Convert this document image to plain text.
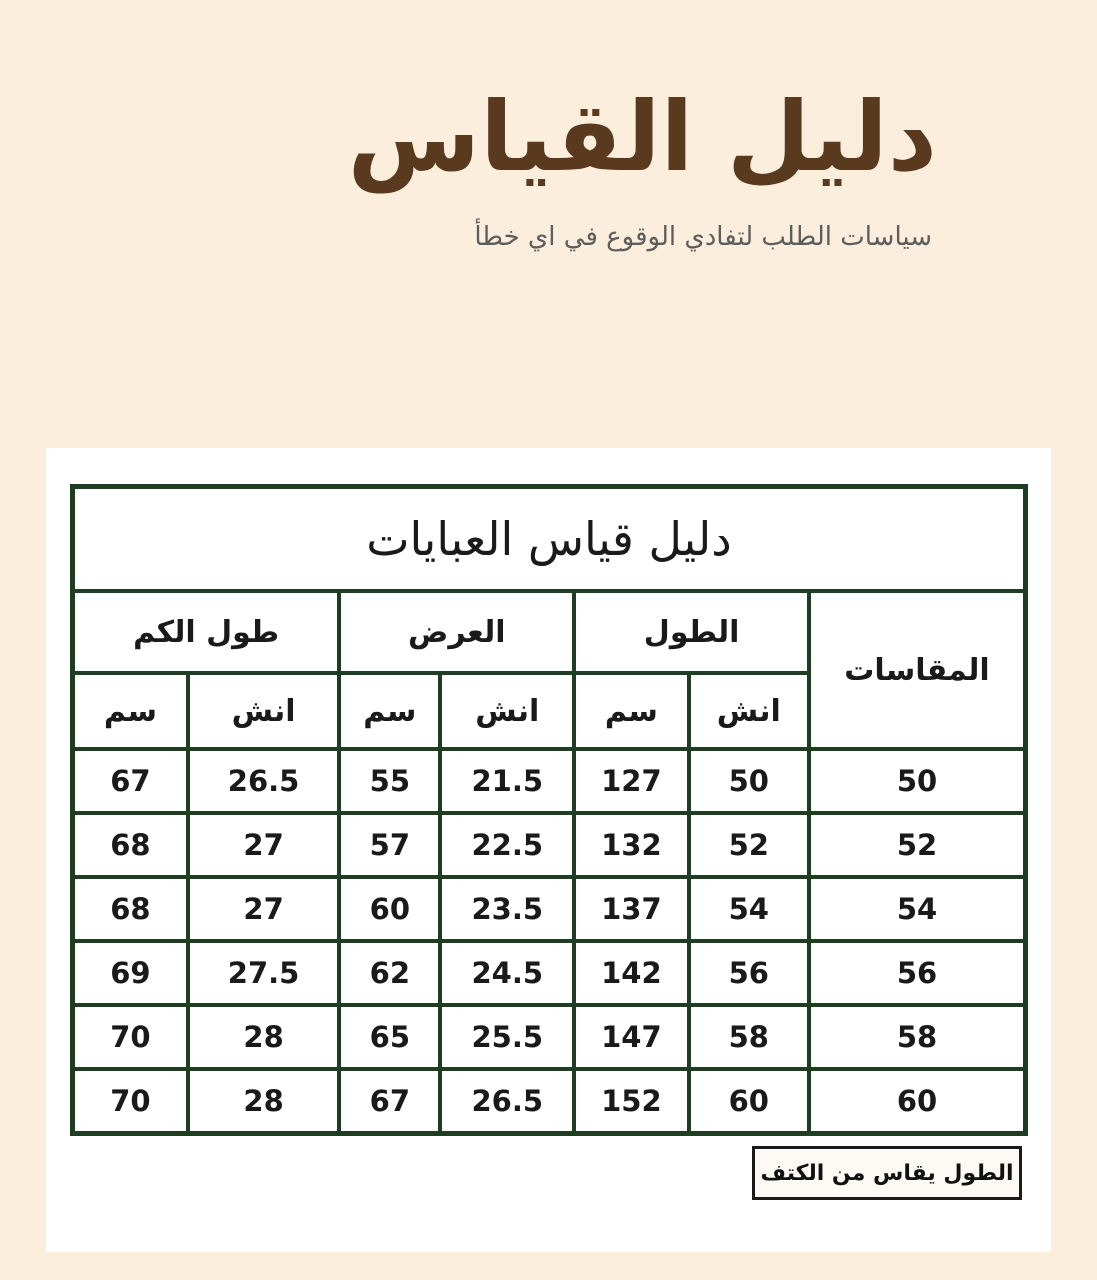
دليل القياس
سياسات الطلب لتفادي الوقوع في اي خطأ
دليل قياس العبايات						
المقاسات	الطول		العرض		طول الكم	
	انش	سم	انش	سم	انش	سم
50	50	127	21.5	55	26.5	67
52	52	132	22.5	57	27	68
54	54	137	23.5	60	27	68
56	56	142	24.5	62	27.5	69
58	58	147	25.5	65	28	70
60	60	152	26.5	67	28	70
الطول يقاس من الكتف
